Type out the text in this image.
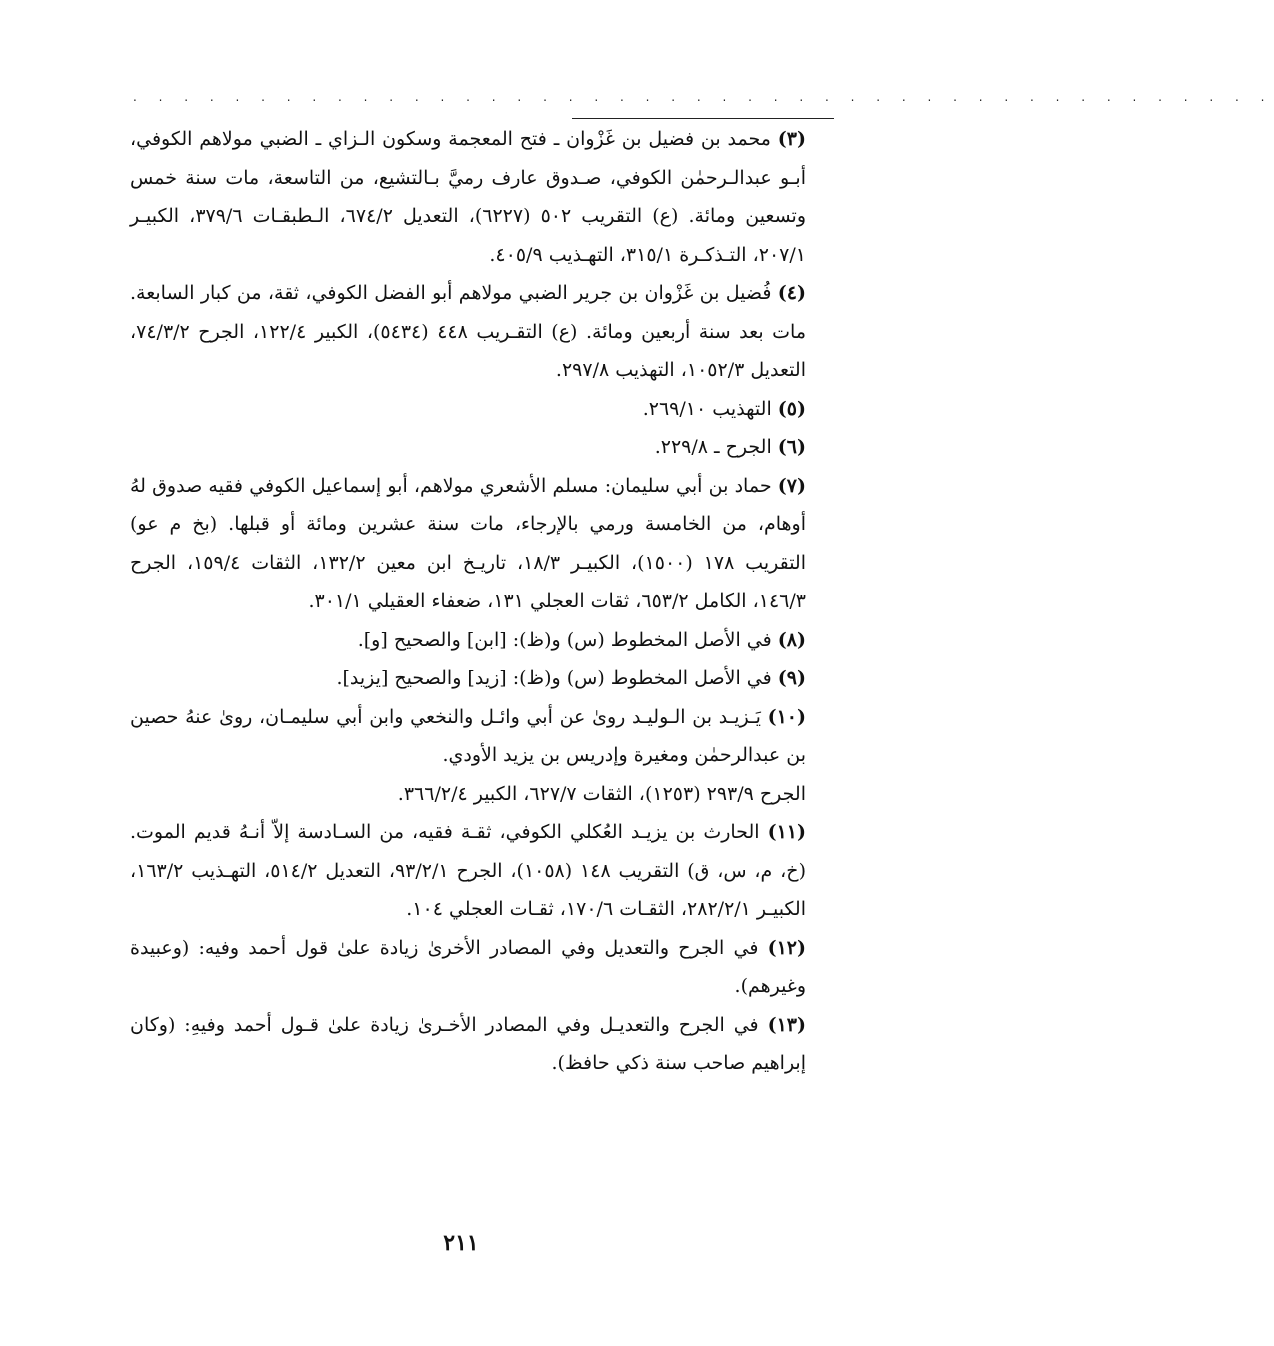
. . . . . . . . . . . . . . . . . . . . . . . . . . . . . . . . . . . . . . . . . . . . .

(٣) محمد بن فضيل بن غَزْوان ـ فتح المعجمة وسكون الـزاي ـ الضبي مولاهم الكوفي، أبـو عبدالـرحمٰن الكوفي، صـدوق عارف رميَّ بـالتشيع، من التاسعة، مات سنة خمس وتسعين ومائة. (ع) التقريب ٥٠٢ (٦٢٢٧)، التعديل ٦٧٤/٢، الـطبقـات ٣٧٩/٦، الكبيـر ٢٠٧/١، التـذكـرة ٣١٥/١، التهـذيب ٤٠٥/٩.

(٤) فُضيل بن غَزْوان بن جرير الضبي مولاهم أبو الفضل الكوفي، ثقة، من كبار السابعة. مات بعد سنة أربعين ومائة. (ع) التقـريب ٤٤٨ (٥٤٣٤)، الكبير ١٢٢/٤، الجرح ٧٤/٣/٢، التعديل ١٠٥٢/٣، التهذيب ٢٩٧/٨.

(٥) التهذيب ٢٦٩/١٠.

(٦) الجرح ـ ٢٢٩/٨.

(٧) حماد بن أبي سليمان: مسلم الأشعري مولاهم، أبو إسماعيل الكوفي فقيه صدوق لهُ أوهام، من الخامسة ورمي بالإرجاء، مات سنة عشرين ومائة أو قبلها. (بخ م عو) التقريب ١٧٨ (١٥٠٠)، الكبيـر ١٨/٣، تاريـخ ابن معين ١٣٢/٢، الثقات ١٥٩/٤، الجرح ١٤٦/٣، الكامل ٦٥٣/٢، ثقات العجلي ١٣١، ضعفاء العقيلي ٣٠١/١.

(٨) في الأصل المخطوط (س) و(ظ): [ابن] والصحيح [و].

(٩) في الأصل المخطوط (س) و(ظ): [زيد] والصحيح [يزيد].

(١٠) يَـزيـد بن الـوليـد روىٰ عن أبي وائـل والنخعي وابن أبي سليمـان، روىٰ عنهُ حصين بن عبدالرحمٰن ومغيرة وإدريس بن يزيد الأودي.

الجرح ٢٩٣/٩ (١٢٥٣)، الثقات ٦٢٧/٧، الكبير ٣٦٦/٢/٤.

(١١) الحارث بن يزيـد العُكلي الكوفي، ثقـة فقيه، من السـادسة إلاّ أنـهُ قديم الموت. (خ، م، س، ق) التقريب ١٤٨ (١٠٥٨)، الجرح ٩٣/٢/١، التعديل ٥١٤/٢، التهـذيب ١٦٣/٢، الكبيـر ٢٨٢/٢/١، الثقـات ١٧٠/٦، ثقـات العجلي ١٠٤.

(١٢) في الجرح والتعديل وفي المصادر الأخرىٰ زيادة علىٰ قول أحمد وفيه: (وعبيدة وغيرهم).

(١٣) في الجرح والتعديـل وفي المصادر الأخـرىٰ زيادة علىٰ قـول أحمد وفيهِ: (وكان إبراهيم صاحب سنة ذكي حافظ).

٢١١
